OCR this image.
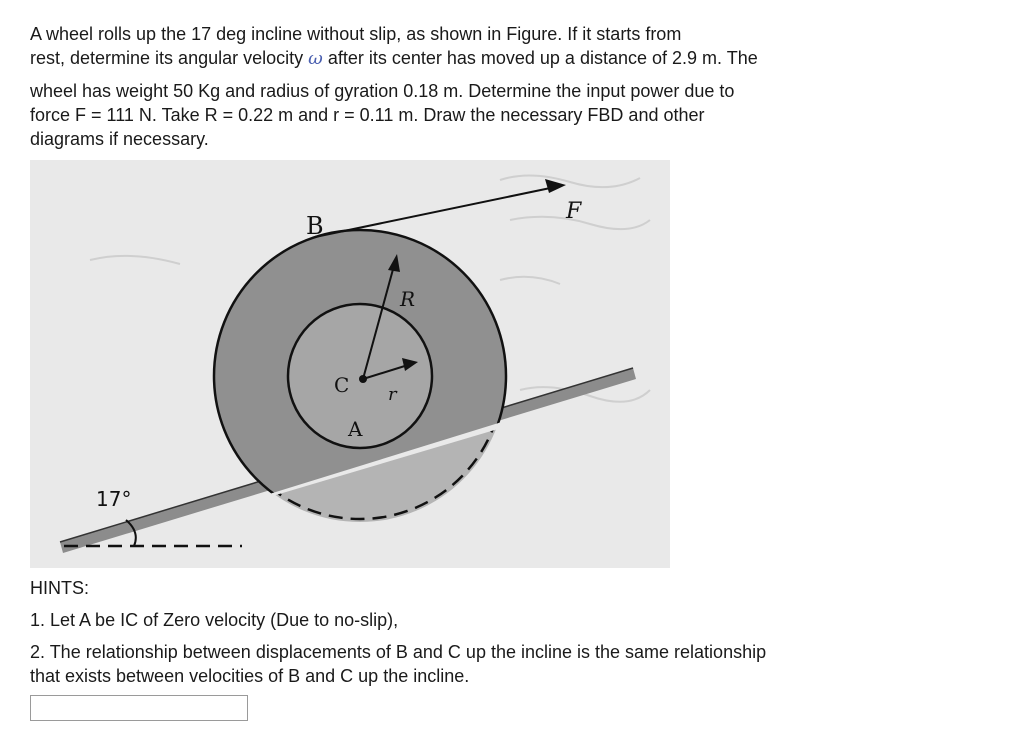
A wheel rolls up the 17 deg incline without slip, as shown in Figure. If it starts from

rest, determine its angular velocity ω after its center has moved up a distance of 2.9 m. The

wheel has weight 50 Kg and radius of gyration 0.18 m. Determine the input power due to

force F = 111 N. Take R = 0.22 m and r = 0.11 m. Draw the necessary FBD and other

diagrams if necessary.

B
F
R
C r
A
17°

HINTS:

1. Let A be IC of Zero velocity (Due to no-slip),

2. The relationship between displacements of B and C up the incline is the same relationship

that exists between velocities of B and C up the incline.
